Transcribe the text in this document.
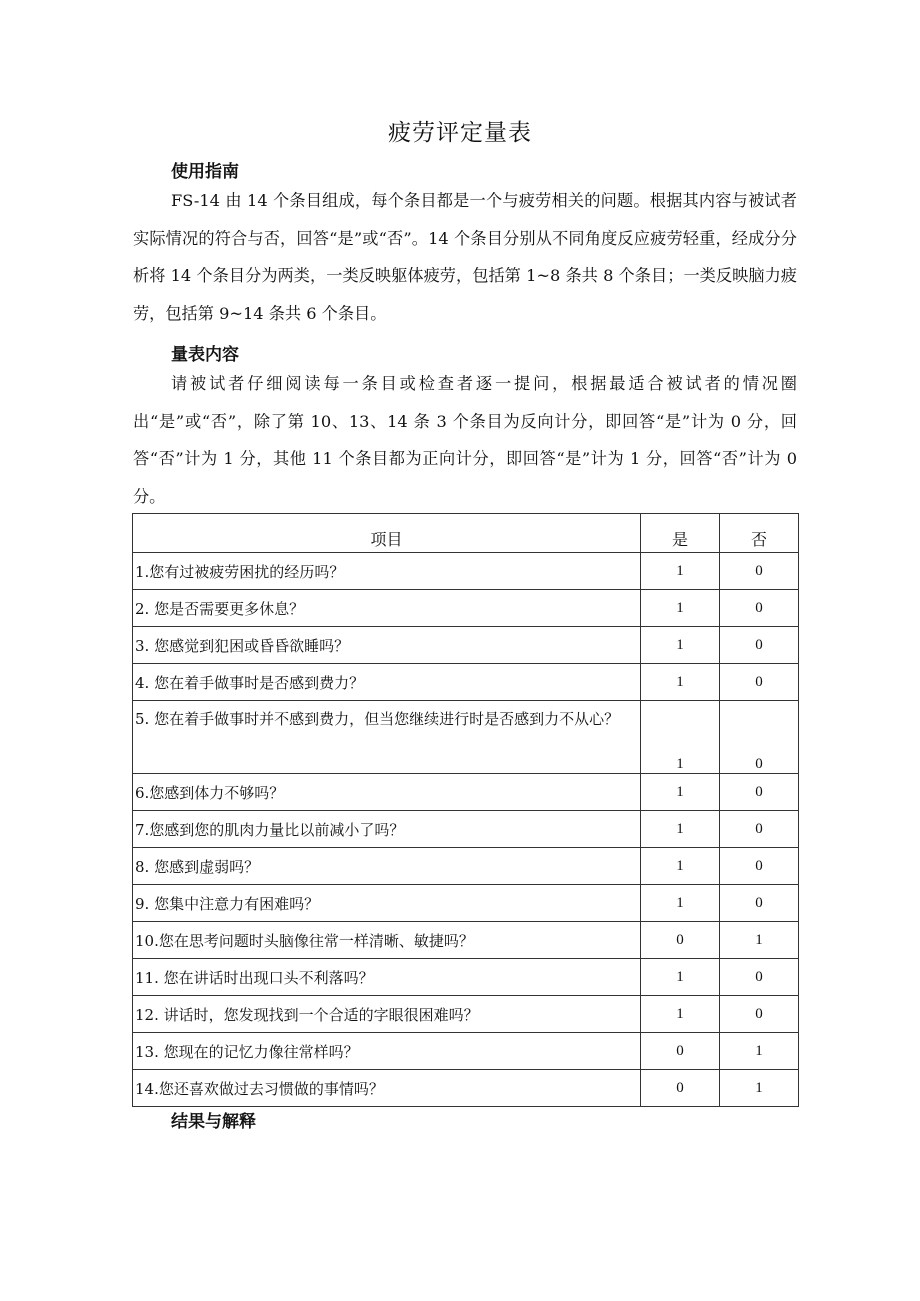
疲劳评定量表
使用指南

FS-14 由 14 个条目组成，每个条目都是一个与疲劳相关的问题。根据其内容与被试者实际情况的符合与否，回答“是”或“否”。14 个条目分别从不同角度反应疲劳轻重，经成分分析将 14 个条目分为两类，一类反映躯体疲劳，包括第 1~8 条共 8 个条目；一类反映脑力疲劳，包括第 9~14 条共 6 个条目。

量表内容

请被试者仔细阅读每一条目或检查者逐一提问，根据最适合被试者的情况圈出“是”或“否”，除了第 10、13、14 条 3 个条目为反向计分，即回答“是”计为 0 分，回答“否”计为 1 分，其他 11 个条目都为正向计分，即回答“是”计为 1 分，回答“否”计为 0 分。

项目	是	否
1.您有过被疲劳困扰的经历吗？	1	0
2. 您是否需要更多休息？	1	0
3. 您感觉到犯困或昏昏欲睡吗？	1	0
4. 您在着手做事时是否感到费力？	1	0
5. 您在着手做事时并不感到费力，但当您继续进行时是否感到力不从心？	1	0
6.您感到体力不够吗？	1	0
7.您感到您的肌肉力量比以前减小了吗？	1	0
8. 您感到虚弱吗？	1	0
9. 您集中注意力有困难吗？	1	0
10.您在思考问题时头脑像往常一样清晰、敏捷吗？	0	1
11. 您在讲话时出现口头不利落吗？	1	0
12. 讲话时，您发现找到一个合适的字眼很困难吗？	1	0
13. 您现在的记忆力像往常样吗？	0	1
14.您还喜欢做过去习惯做的事情吗？	0	1
结果与解释
